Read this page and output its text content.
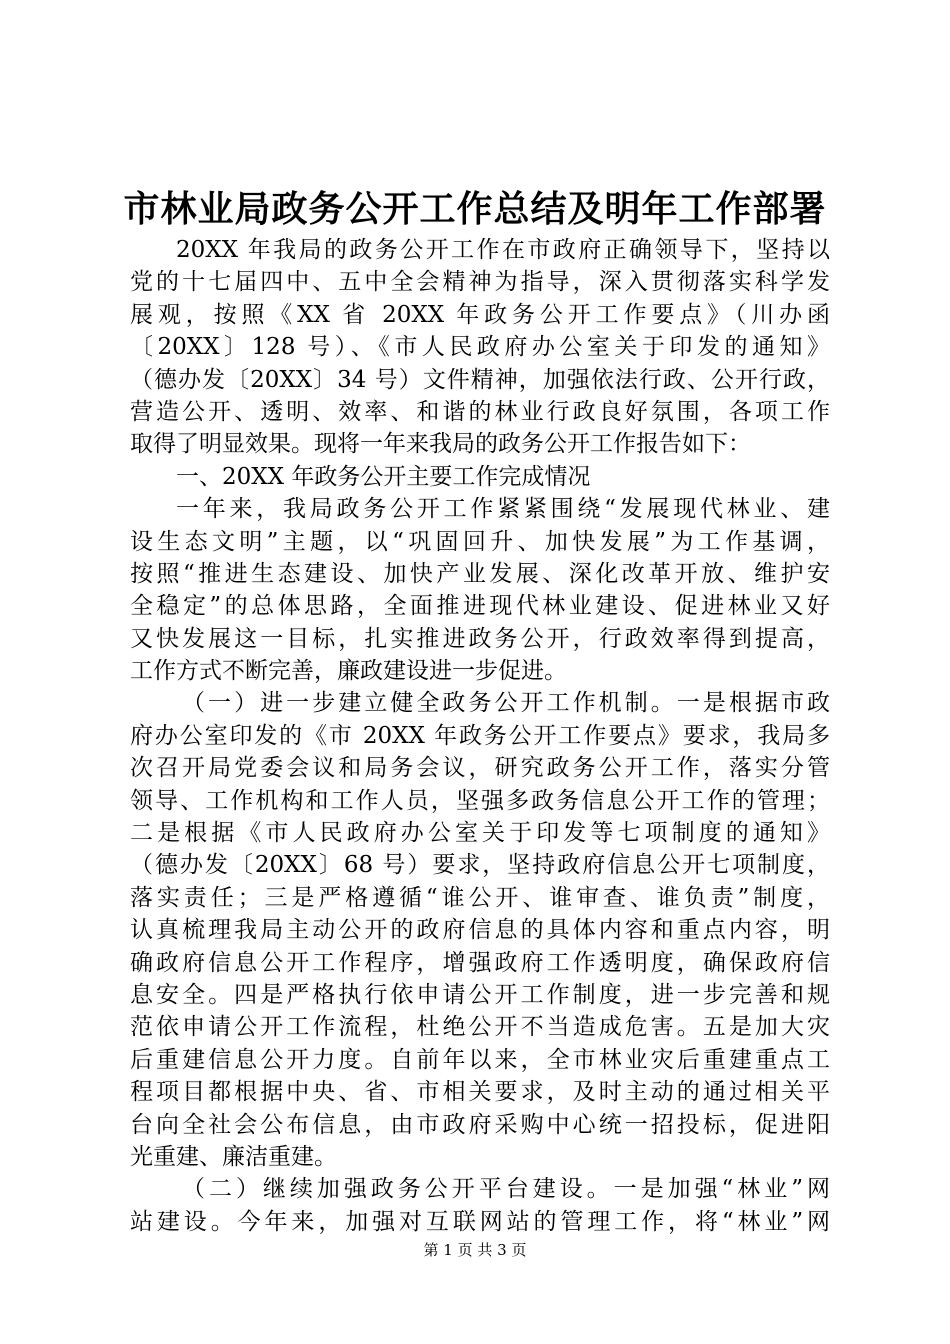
市林业局政务公开工作总结及明年工作部署
20XX 年我局的政务公开工作在市政府正确领导下，坚持以
党的十七届四中、五中全会精神为指导，深入贯彻落实科学发
展观，按照《XX 省 20XX 年政务公开工作要点》（川办函
〔20XX〕128 号）、《市人民政府办公室关于印发的通知》
（德办发〔20XX〕34 号）文件精神，加强依法行政、公开行政，
营造公开、透明、效率、和谐的林业行政良好氛围，各项工作
取得了明显效果。现将一年来我局的政务公开工作报告如下：
一、20XX 年政务公开主要工作完成情况
一年来，我局政务公开工作紧紧围绕“发展现代林业、建
设生态文明”主题，以“巩固回升、加快发展”为工作基调，
按照“推进生态建设、加快产业发展、深化改革开放、维护安
全稳定”的总体思路，全面推进现代林业建设、促进林业又好
又快发展这一目标，扎实推进政务公开，行政效率得到提高，
工作方式不断完善，廉政建设进一步促进。
（一）进一步建立健全政务公开工作机制。一是根据市政
府办公室印发的《市 20XX 年政务公开工作要点》要求，我局多
次召开局党委会议和局务会议，研究政务公开工作，落实分管
领导、工作机构和工作人员，坚强多政务信息公开工作的管理；
二是根据《市人民政府办公室关于印发等七项制度的通知》
（德办发〔20XX〕68 号）要求，坚持政府信息公开七项制度，
落实责任；三是严格遵循“谁公开、谁审查、谁负责”制度，
认真梳理我局主动公开的政府信息的具体内容和重点内容，明
确政府信息公开工作程序，增强政府工作透明度，确保政府信
息安全。四是严格执行依申请公开工作制度，进一步完善和规
范依申请公开工作流程，杜绝公开不当造成危害。五是加大灾
后重建信息公开力度。自前年以来，全市林业灾后重建重点工
程项目都根据中央、省、市相关要求，及时主动的通过相关平
台向全社会公布信息，由市政府采购中心统一招投标，促进阳
光重建、廉洁重建。
（二）继续加强政务公开平台建设。一是加强“林业”网
站建设。今年来，加强对互联网站的管理工作，将“林业”网
第 1 页 共 3 页
